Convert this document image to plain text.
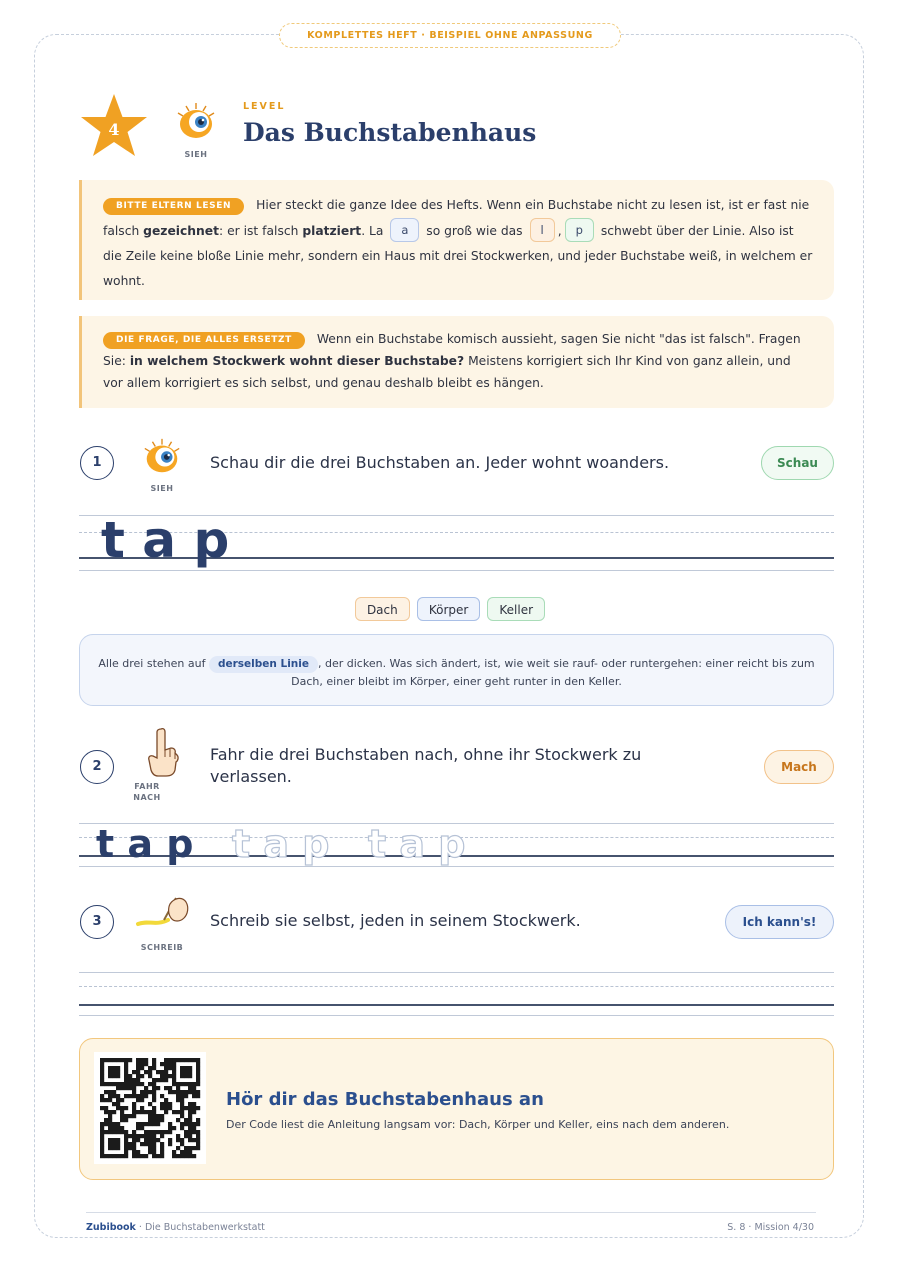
KOMPLETTES HEFT · BEISPIEL OHNE ANPASSUNG
4
SIEH
LEVEL
Das Buchstabenhaus
BITTE ELTERN LESEN Hier steckt die ganze Idee des Hefts. Wenn ein Buchstabe nicht zu lesen ist, ist er fast nie falsch gezeichnet: er ist falsch platziert. La a so groß wie das l , p schwebt über der Linie. Also ist die Zeile keine bloße Linie mehr, sondern ein Haus mit drei Stockwerken, und jeder Buchstabe weiß, in welchem er wohnt.
DIE FRAGE, DIE ALLES ERSETZT Wenn ein Buchstabe komisch aussieht, sagen Sie nicht "das ist falsch". Fragen Sie: in welchem Stockwerk wohnt dieser Buchstabe? Meistens korrigiert sich Ihr Kind von ganz allein, und vor allem korrigiert es sich selbst, und genau deshalb bleibt es hängen.
1
SIEH
Schau dir die drei Buchstaben an. Jeder wohnt woanders.	Schau
t a p
Dach	Körper	Keller
Alle drei stehen auf derselben Linie , der dicken. Was sich ändert, ist, wie weit sie rauf- oder runtergehen: einer reicht bis zum Dach, einer bleibt im Körper, einer geht runter in den Keller.
2
FAHR NACH
Fahr die drei Buchstaben nach, ohne ihr Stockwerk zu verlassen.	Mach
t a p t a p t a p
3
SCHREIB
Schreib sie selbst, jeden in seinem Stockwerk.	Ich kann's!
Hör dir das Buchstabenhaus an
Der Code liest die Anleitung langsam vor: Dach, Körper und Keller, eins nach dem anderen.
Zubibook · Die Buchstabenwerkstatt	S. 8 · Mission 4/30
